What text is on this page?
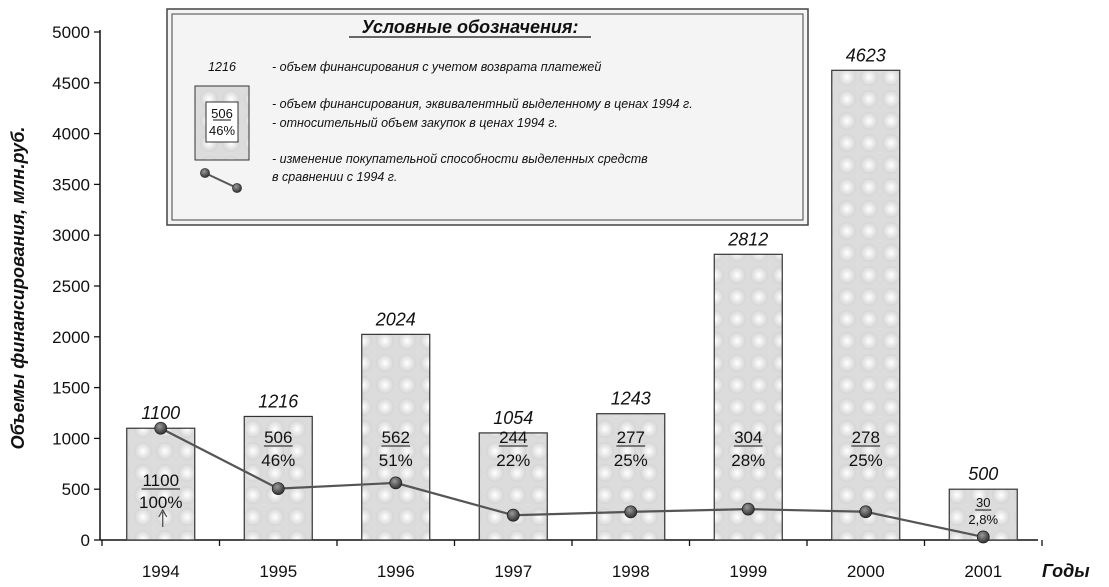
Условные обозначения:
1216
506
46%
- объем финансирования с учетом возврата платежей
- объем финансирования, эквивалентный выделенному в ценах 1994 г.
- относительный объем закупок в ценах 1994 г.
- изменение покупательной способности выделенных средств
в сравнении с 1994 г.
Объемы финансирования, млн.руб.
Годы
0
500
1000
1500
2000
2500
3000
3500
4000
4500
5000
1994	1995	1996	1997	1998	1999	2000	2001
1100
1216
2024
1054
1243
2812
4623
500
1100
100%
506
46%
562
51%
244
22%
277
25%
304
28%
278
25%
30
2,8%
